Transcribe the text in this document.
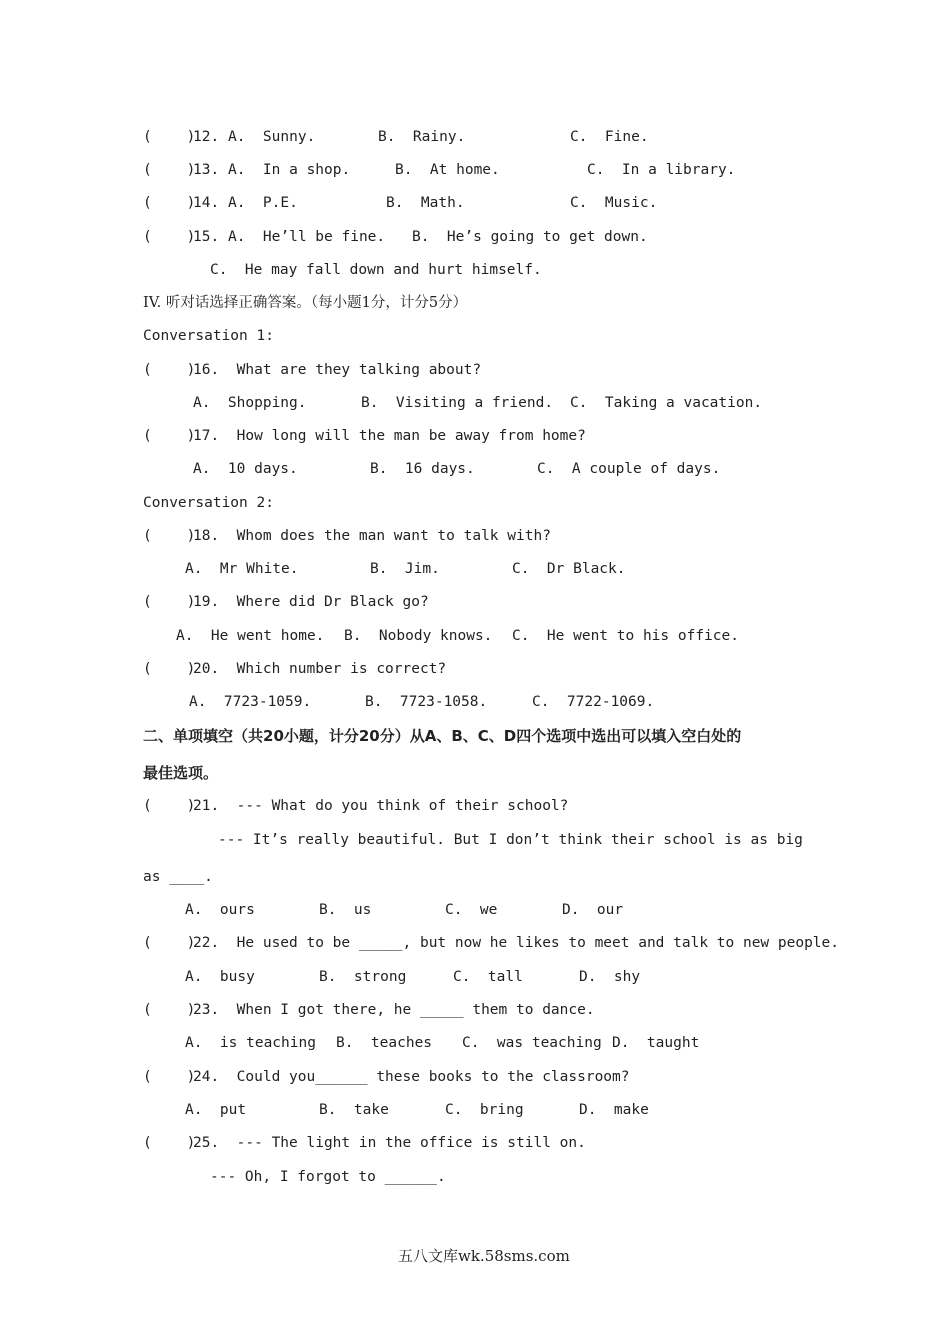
(    )
12. A.  Sunny.	B.  Rainy.	C.  Fine.
(    )
13. A.  In a shop.	B.  At home.	C.  In a library.
(    )
14. A.  P.E.	B.  Math.	C.  Music.
(    )
15. A.  He’ll be fine. B.  He’s going to get down.
C.  He may fall down and hurt himself.
IV. 听对话选择正确答案。（每小题1分，计分5分）
Conversation 1:
(    )
16.  What are they talking about?
A.  Shopping.	B.  Visiting a friend. C.  Taking a vacation.
(    )
17.  How long will the man be away from home?
A.  10 days.	B.  16 days.	C.  A couple of days.
Conversation 2:
(    )
18.  Whom does the man want to talk with?
A.  Mr White.	B.  Jim.	C.  Dr Black.
(    )
19.  Where did Dr Black go?
A.  He went home. B.  Nobody knows. C.  He went to his office.
(    )
20.  Which number is correct?
A.  7723-1059.	B.  7723-1058.	C.  7722-1069.
二、单项填空（共20小题，计分20分）从A、B、C、D四个选项中选出可以填入空白处的
最佳选项。
(    )
21.  --- What do you think of their school?
--- It’s really beautiful. But I don’t think their school is as big
as ____.
A.  ours	B.  us	C.  we	D.  our
(    )
22.  He used to be _____, but now he likes to meet and talk to new people.
A.  busy	B.  strong	C.  tall	D.  shy
(    )
23.  When I got there, he _____ them to dance.
A.  is teaching B.  teaches C.  was teaching D.  taught
(    )
24.  Could you______ these books to the classroom?
A.  put	B.  take	C.  bring	D.  make
(    )
25.  --- The light in the office is still on.
--- Oh, I forgot to ______.
五八文库wk.58sms.com
